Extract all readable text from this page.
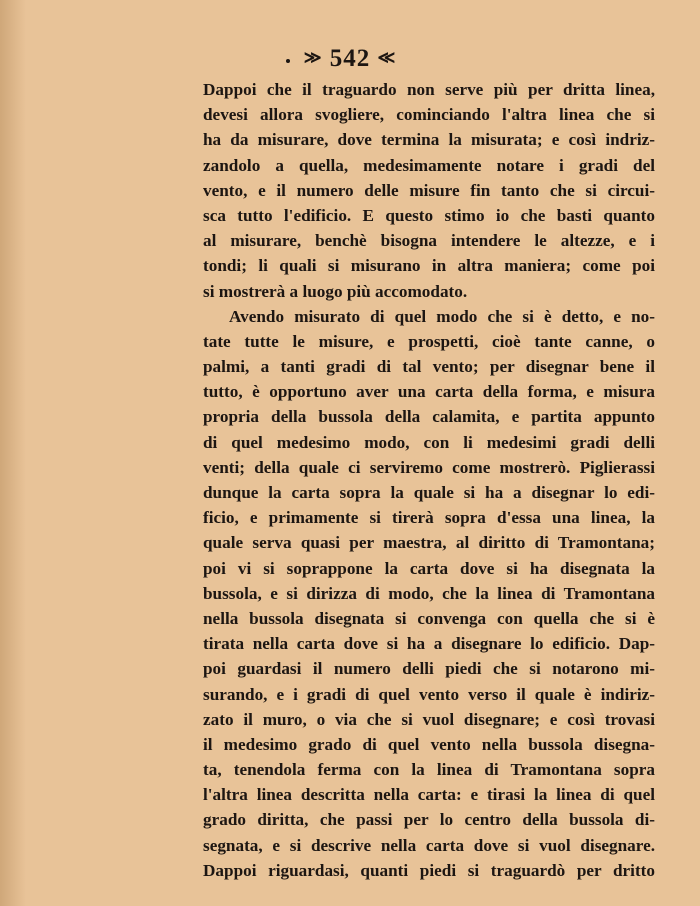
≫ 542 ≪
Dappoi che il traguardo non serve più per dritta linea,
devesi allora svogliere, cominciando l'altra linea che si
ha da misurare, dove termina la misurata; e così indriz-
zandolo a quella, medesimamente notare i gradi del
vento, e il numero delle misure fin tanto che si circui-
sca tutto l'edificio. E questo stimo io che basti quanto
al misurare, benchè bisogna intendere le altezze, e i
tondi; li quali si misurano in altra maniera; come poi
si mostrerà a luogo più accomodato.
Avendo misurato di quel modo che si è detto, e no-
tate tutte le misure, e prospetti, cioè tante canne, o
palmi, a tanti gradi di tal vento; per disegnar bene il
tutto, è opportuno aver una carta della forma, e misura
propria della bussola della calamita, e partita appunto
di quel medesimo modo, con li medesimi gradi delli
venti; della quale ci serviremo come mostrerò. Piglierassi
dunque la carta sopra la quale si ha a disegnar lo edi-
ficio, e primamente si tirerà sopra d'essa una linea, la
quale serva quasi per maestra, al diritto di Tramontana;
poi vi si soprappone la carta dove si ha disegnata la
bussola, e si dirizza di modo, che la linea di Tramontana
nella bussola disegnata si convenga con quella che si è
tirata nella carta dove si ha a disegnare lo edificio. Dap-
poi guardasi il numero delli piedi che si notarono mi-
surando, e i gradi di quel vento verso il quale è indiriz-
zato il muro, o via che si vuol disegnare; e così trovasi
il medesimo grado di quel vento nella bussola disegna-
ta, tenendola ferma con la linea di Tramontana sopra
l'altra linea descritta nella carta: e tirasi la linea di quel
grado diritta, che passi per lo centro della bussola di-
segnata, e si descrive nella carta dove si vuol disegnare.
Dappoi riguardasi, quanti piedi si traguardò per dritto
